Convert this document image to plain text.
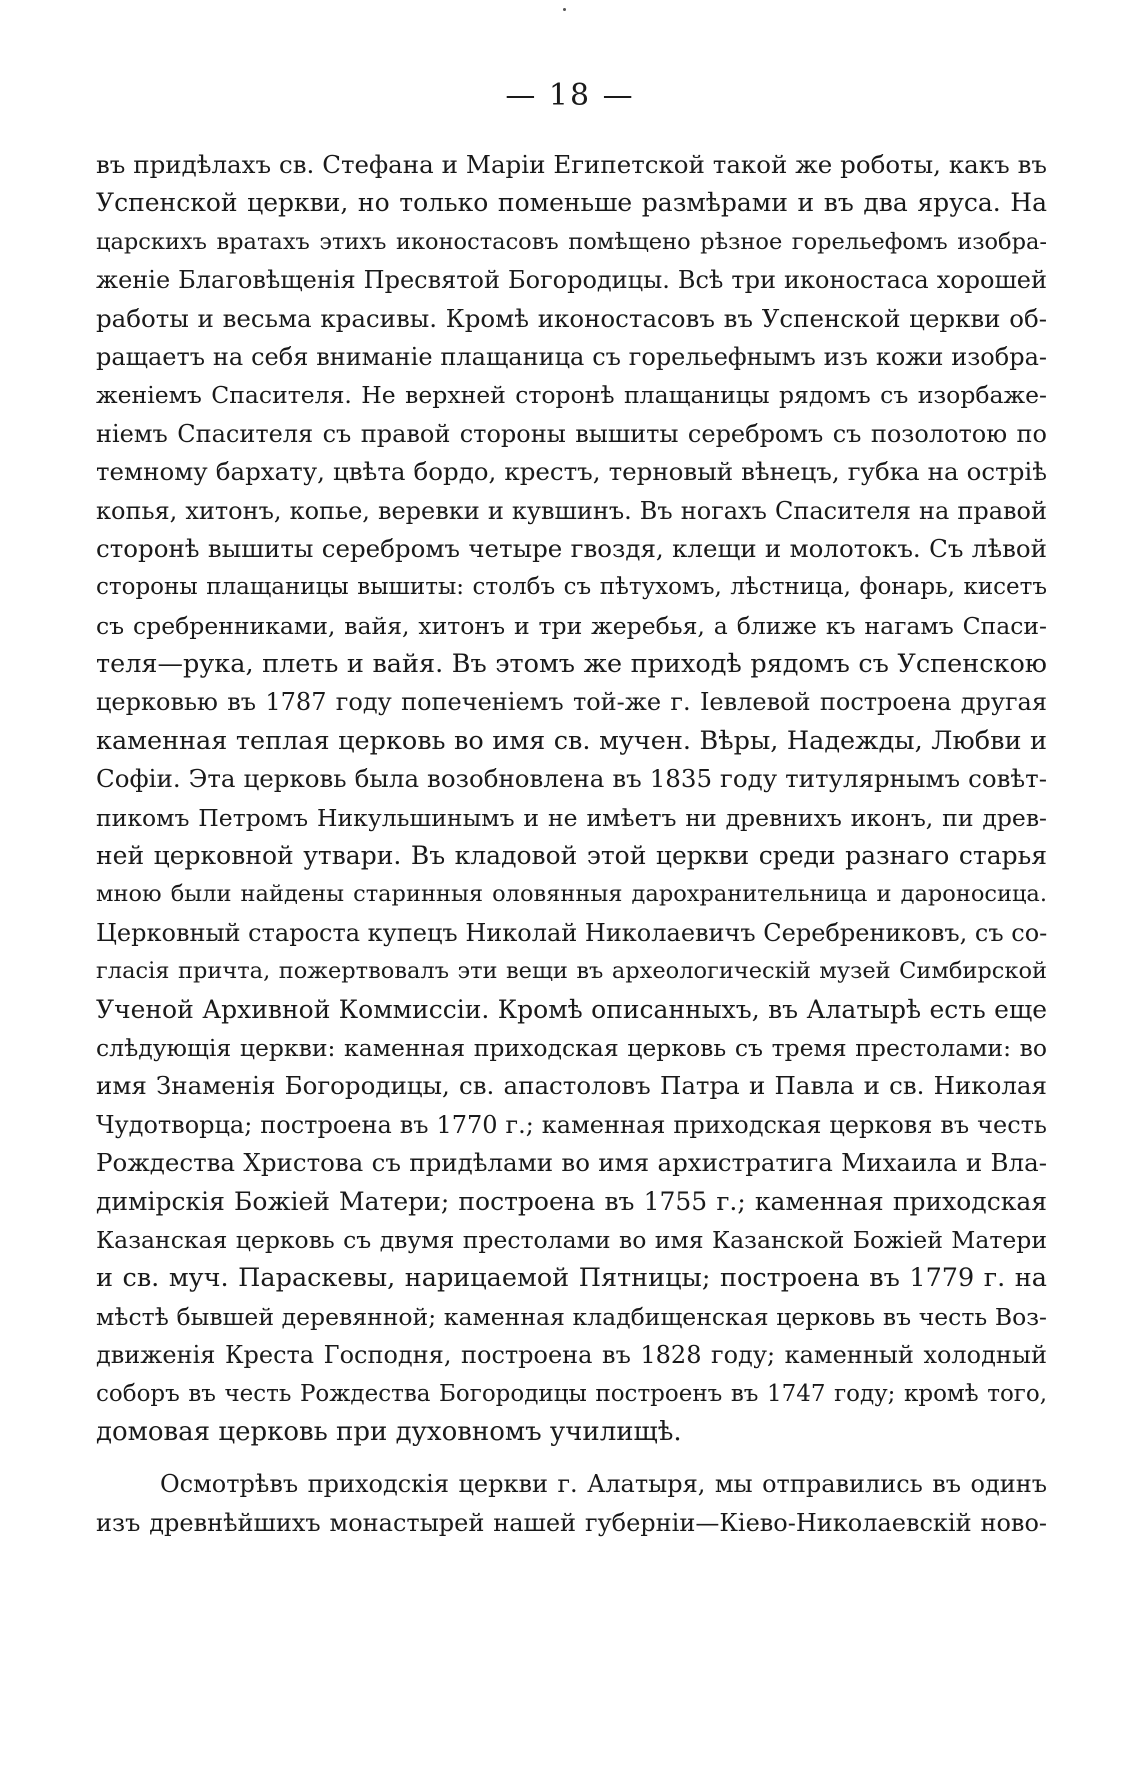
— 18 —
въ придѣлахъ св. Стефана и Маріи Египетской такой же роботы, какъ въ
Успенской церкви, но только поменьше размѣрами и въ два яруса. На
царскихъ вратахъ этихъ иконостасовъ помѣщено рѣзное горельефомъ изобра-
женіе Благовѣщенія Пресвятой Богородицы. Всѣ три иконостаса хорошей
работы и весьма красивы. Кромѣ иконостасовъ въ Успенской церкви об-
ращаетъ на себя вниманіе плащаница съ горельефнымъ изъ кожи изобра-
женіемъ Спасителя. Не верхней сторонѣ плащаницы рядомъ съ изорбаже-
ніемъ Спасителя съ правой стороны вышиты серебромъ съ позолотою по
темному бархату, цвѣта бордо, крестъ, терновый вѣнецъ, губка на острiѣ
копья, хитонъ, копье, веревки и кувшинъ. Въ ногахъ Спасителя на правой
сторонѣ вышиты серебромъ четыре гвоздя, клещи и молотокъ. Съ лѣвой
стороны плащаницы вышиты: столбъ съ пѣтухомъ, лѣстница, фонарь, кисетъ
съ сребренниками, вайя, хитонъ и три жеребья, а ближе къ нагамъ Спаси-
теля—рука, плеть и вайя. Въ этомъ же приходѣ рядомъ съ Успенскою
церковью въ 1787 году попеченіемъ той-же г. Іевлевой построена другая
каменная теплая церковь во имя св. мучен. Вѣры, Надежды, Любви и
Софіи. Эта церковь была возобновлена въ 1835 году титулярнымъ совѣт-
пикомъ Петромъ Никульшинымъ и не имѣетъ ни древнихъ иконъ, пи древ-
ней церковной утвари. Въ кладовой этой церкви среди разнаго старья
мною были найдены старинныя оловянныя дарохранительница и дароносица.
Церковный староста купецъ Николай Николаевичъ Серебрениковъ, съ со-
гласія причта, пожертвовалъ эти вещи въ археологическій музей Симбирской
Ученой Архивной Коммиссіи. Кромѣ описанныхъ, въ Алатырѣ есть еще
слѣдующія церкви: каменная приходская церковь съ тремя престолами: во
имя Знаменія Богородицы, св. апастоловъ Патра и Павла и св. Николая
Чудотворца; построена въ 1770 г.; каменная приходская церковя въ честь
Рождества Христова съ придѣлами во имя архистратига Михаила и Вла-
димірскія Божіей Матери; построена въ 1755 г.; каменная приходская
Казанская церковь съ двумя престолами во имя Казанской Божіей Матери
и св. муч. Параскевы, нарицаемой Пятницы; построена въ 1779 г. на
мѣстѣ бывшей деревянной; каменная кладбищенская церковь въ честь Воз-
движенія Креста Господня, построена въ 1828 году; каменный холодный
соборъ въ честь Рождества Богородицы построенъ въ 1747 году; кромѣ того,
домовая церковь при духовномъ училищѣ.
Осмотрѣвъ приходскія церкви г. Алатыря, мы отправились въ одинъ
изъ древнѣйшихъ монастырей нашей губерніи—Кіево-Николаевскій ново-
